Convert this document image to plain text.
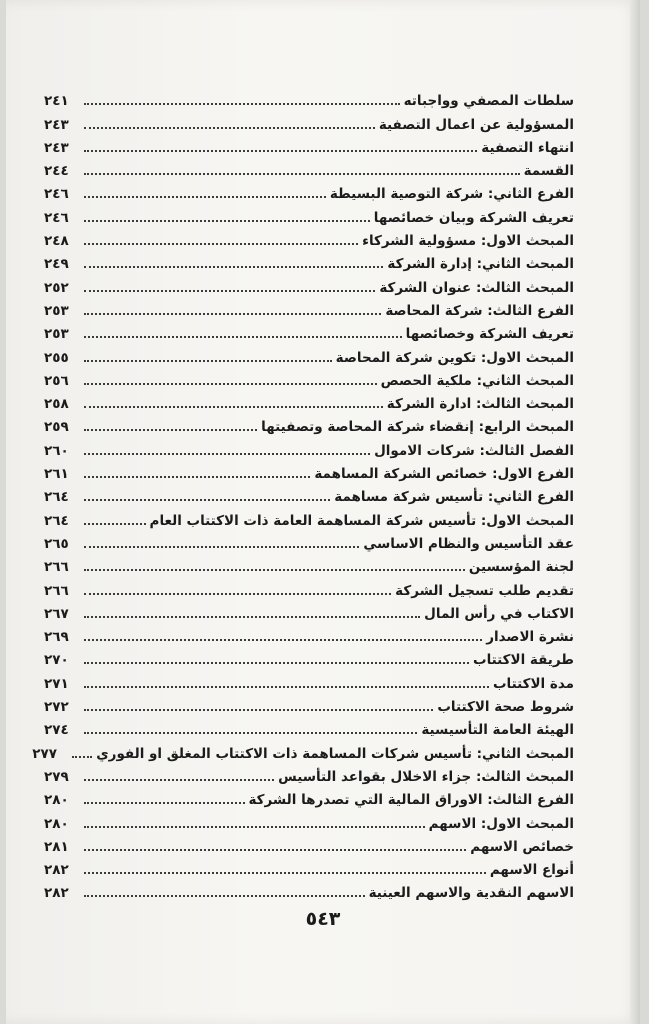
سلطات المصفي وواجباته
٢٤١
المسؤولية عن اعمال التصفية
٢٤٣
انتهاء التصفية
٢٤٣
القسمة
٢٤٤
الفرع الثاني: شركة التوصية البسيطة
٢٤٦
تعريف الشركة وبيان خصائصها
٢٤٦
المبحث الاول: مسؤولية الشركاء
٢٤٨
المبحث الثاني: إدارة الشركة
٢٤٩
المبحث الثالث: عنوان الشركة
٢٥٢
الفرع الثالث: شركة المحاصة
٢٥٣
تعريف الشركة وخصائصها
٢٥٣
المبحث الاول: تكوين شركة المحاصة
٢٥٥
المبحث الثاني: ملكية الحصص
٢٥٦
المبحث الثالث: ادارة الشركة
٢٥٨
المبحث الرابع: إنقضاء شركة المحاصة وتصفيتها
٢٥٩
الفصل الثالث: شركات الاموال
٢٦٠
الفرع الاول: خصائص الشركة المساهمة
٢٦١
الفرع الثاني: تأسيس شركة مساهمة
٢٦٤
المبحث الاول: تأسيس شركة المساهمة العامة ذات الاكتتاب العام
٢٦٤
عقد التأسيس والنظام الاساسي
٢٦٥
لجنة المؤسسين
٢٦٦
تقديم طلب تسجيل الشركة
٢٦٦
الاكتاب في رأس المال
٢٦٧
نشرة الاصدار
٢٦٩
طريقة الاكتتاب
٢٧٠
مدة الاكتتاب
٢٧١
شروط صحة الاكتتاب
٢٧٢
الهيئة العامة التأسيسية
٢٧٤
المبحث الثاني: تأسيس شركات المساهمة ذات الاكتتاب المغلق او الفوري
٢٧٧
المبحث الثالث: جزاء الاخلال بقواعد التأسيس
٢٧٩
الفرع الثالث: الاوراق المالية التي تصدرها الشركة
٢٨٠
المبحث الاول: الاسهم
٢٨٠
خصائص الاسهم
٢٨١
أنواع الاسهم
٢٨٢
الاسهم النقدية والاسهم العينية
٢٨٢
٥٤٣
